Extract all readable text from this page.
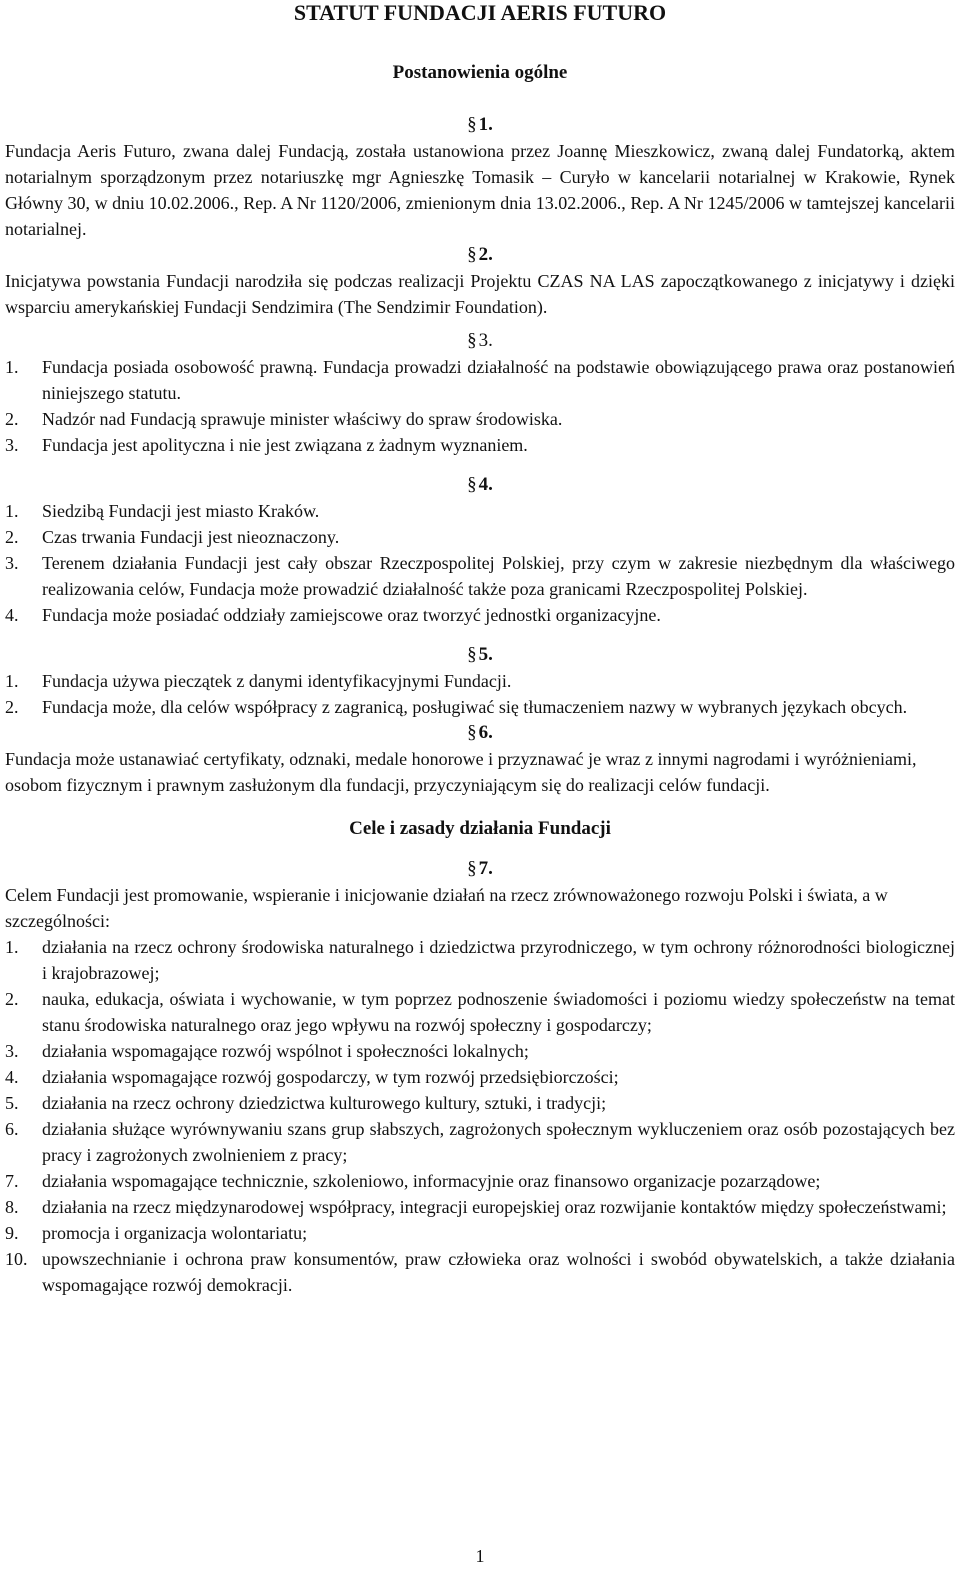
STATUT FUNDACJI AERIS FUTURO
Postanowienia ogólne
§ 1.
Fundacja Aeris Futuro, zwana dalej Fundacją, została ustanowiona przez Joannę Mieszkowicz, zwaną dalej Fundatorką, aktem notarialnym sporządzonym przez notariuszkę mgr Agnieszkę Tomasik – Curyło w kancelarii notarialnej w Krakowie, Rynek Główny 30, w dniu 10.02.2006., Rep. A Nr 1120/2006, zmienionym dnia 13.02.2006., Rep. A Nr 1245/2006 w tamtejszej kancelarii notarialnej.
§ 2.
Inicjatywa powstania Fundacji narodziła się podczas realizacji Projektu CZAS NA LAS zapoczątkowanego z inicjatywy i dzięki wsparciu amerykańskiej Fundacji Sendzimira (The Sendzimir Foundation).
§ 3.
1. Fundacja posiada osobowość prawną. Fundacja prowadzi działalność na podstawie obowiązującego prawa oraz postanowień niniejszego statutu.
2. Nadzór nad Fundacją sprawuje minister właściwy do spraw środowiska.
3. Fundacja jest apolityczna i nie jest związana z żadnym wyznaniem.
§ 4.
1. Siedzibą Fundacji jest miasto Kraków.
2. Czas trwania Fundacji jest nieoznaczony.
3. Terenem działania Fundacji jest cały obszar Rzeczpospolitej Polskiej, przy czym w zakresie niezbędnym dla właściwego realizowania celów, Fundacja może prowadzić działalność także poza granicami Rzeczpospolitej Polskiej.
4. Fundacja może posiadać oddziały zamiejscowe oraz tworzyć jednostki organizacyjne.
§ 5.
1. Fundacja używa pieczątek z danymi identyfikacyjnymi Fundacji.
2. Fundacja może, dla celów współpracy z zagranicą, posługiwać się tłumaczeniem nazwy w wybranych językach obcych.
§ 6.
Fundacja może ustanawiać certyfikaty, odznaki, medale honorowe i przyznawać je wraz z innymi nagrodami i wyróżnieniami, osobom fizycznym i prawnym zasłużonym dla fundacji, przyczyniającym się do realizacji celów fundacji.
Cele i zasady działania Fundacji
§ 7.
Celem Fundacji jest promowanie, wspieranie i inicjowanie działań na rzecz zrównoważonego rozwoju Polski i świata, a w szczególności:
1. działania na rzecz ochrony środowiska naturalnego i dziedzictwa przyrodniczego, w tym ochrony różnorodności biologicznej i krajobrazowej;
2. nauka, edukacja, oświata i wychowanie, w tym poprzez podnoszenie świadomości i poziomu wiedzy społeczeństw na temat stanu środowiska naturalnego oraz jego wpływu na rozwój społeczny i gospodarczy;
3. działania wspomagające rozwój wspólnot i społeczności lokalnych;
4. działania wspomagające rozwój gospodarczy, w tym rozwój przedsiębiorczości;
5. działania na rzecz ochrony dziedzictwa kulturowego kultury, sztuki, i tradycji;
6. działania służące wyrównywaniu szans grup słabszych, zagrożonych społecznym wykluczeniem oraz osób pozostających bez pracy i zagrożonych zwolnieniem z pracy;
7. działania wspomagające technicznie, szkoleniowo, informacyjnie oraz finansowo organizacje pozarządowe;
8. działania na rzecz międzynarodowej współpracy, integracji europejskiej oraz rozwijanie kontaktów między społeczeństwami;
9. promocja i organizacja wolontariatu;
10. upowszechnianie i ochrona praw konsumentów, praw człowieka oraz wolności i swobód obywatelskich, a także działania wspomagające rozwój demokracji.
1
